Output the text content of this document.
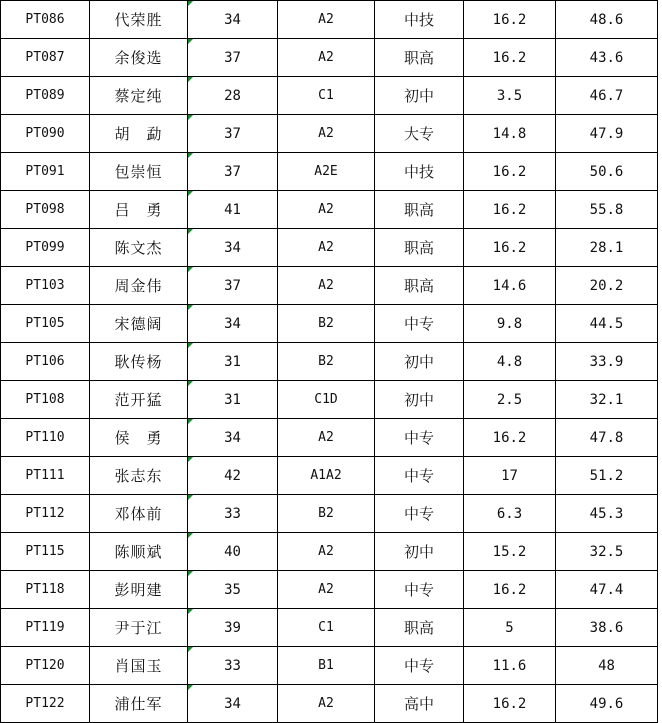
PT086	代荣胜	34	A2	中技	16.2	48.6
PT087	余俊选	37	A2	职高	16.2	43.6
PT089	蔡定纯	28	C1	初中	3.5	46.7
PT090	胡　勐	37	A2	大专	14.8	47.9
PT091	包崇恒	37	A2E	中技	16.2	50.6
PT098	吕　勇	41	A2	职高	16.2	55.8
PT099	陈文杰	34	A2	职高	16.2	28.1
PT103	周金伟	37	A2	职高	14.6	20.2
PT105	宋德阔	34	B2	中专	9.8	44.5
PT106	耿传杨	31	B2	初中	4.8	33.9
PT108	范开猛	31	C1D	初中	2.5	32.1
PT110	侯　勇	34	A2	中专	16.2	47.8
PT111	张志东	42	A1A2	中专	17	51.2
PT112	邓体前	33	B2	中专	6.3	45.3
PT115	陈顺斌	40	A2	初中	15.2	32.5
PT118	彭明建	35	A2	中专	16.2	47.4
PT119	尹于江	39	C1	职高	5	38.6
PT120	肖国玉	33	B1	中专	11.6	48
PT122	浦仕军	34	A2	高中	16.2	49.6
